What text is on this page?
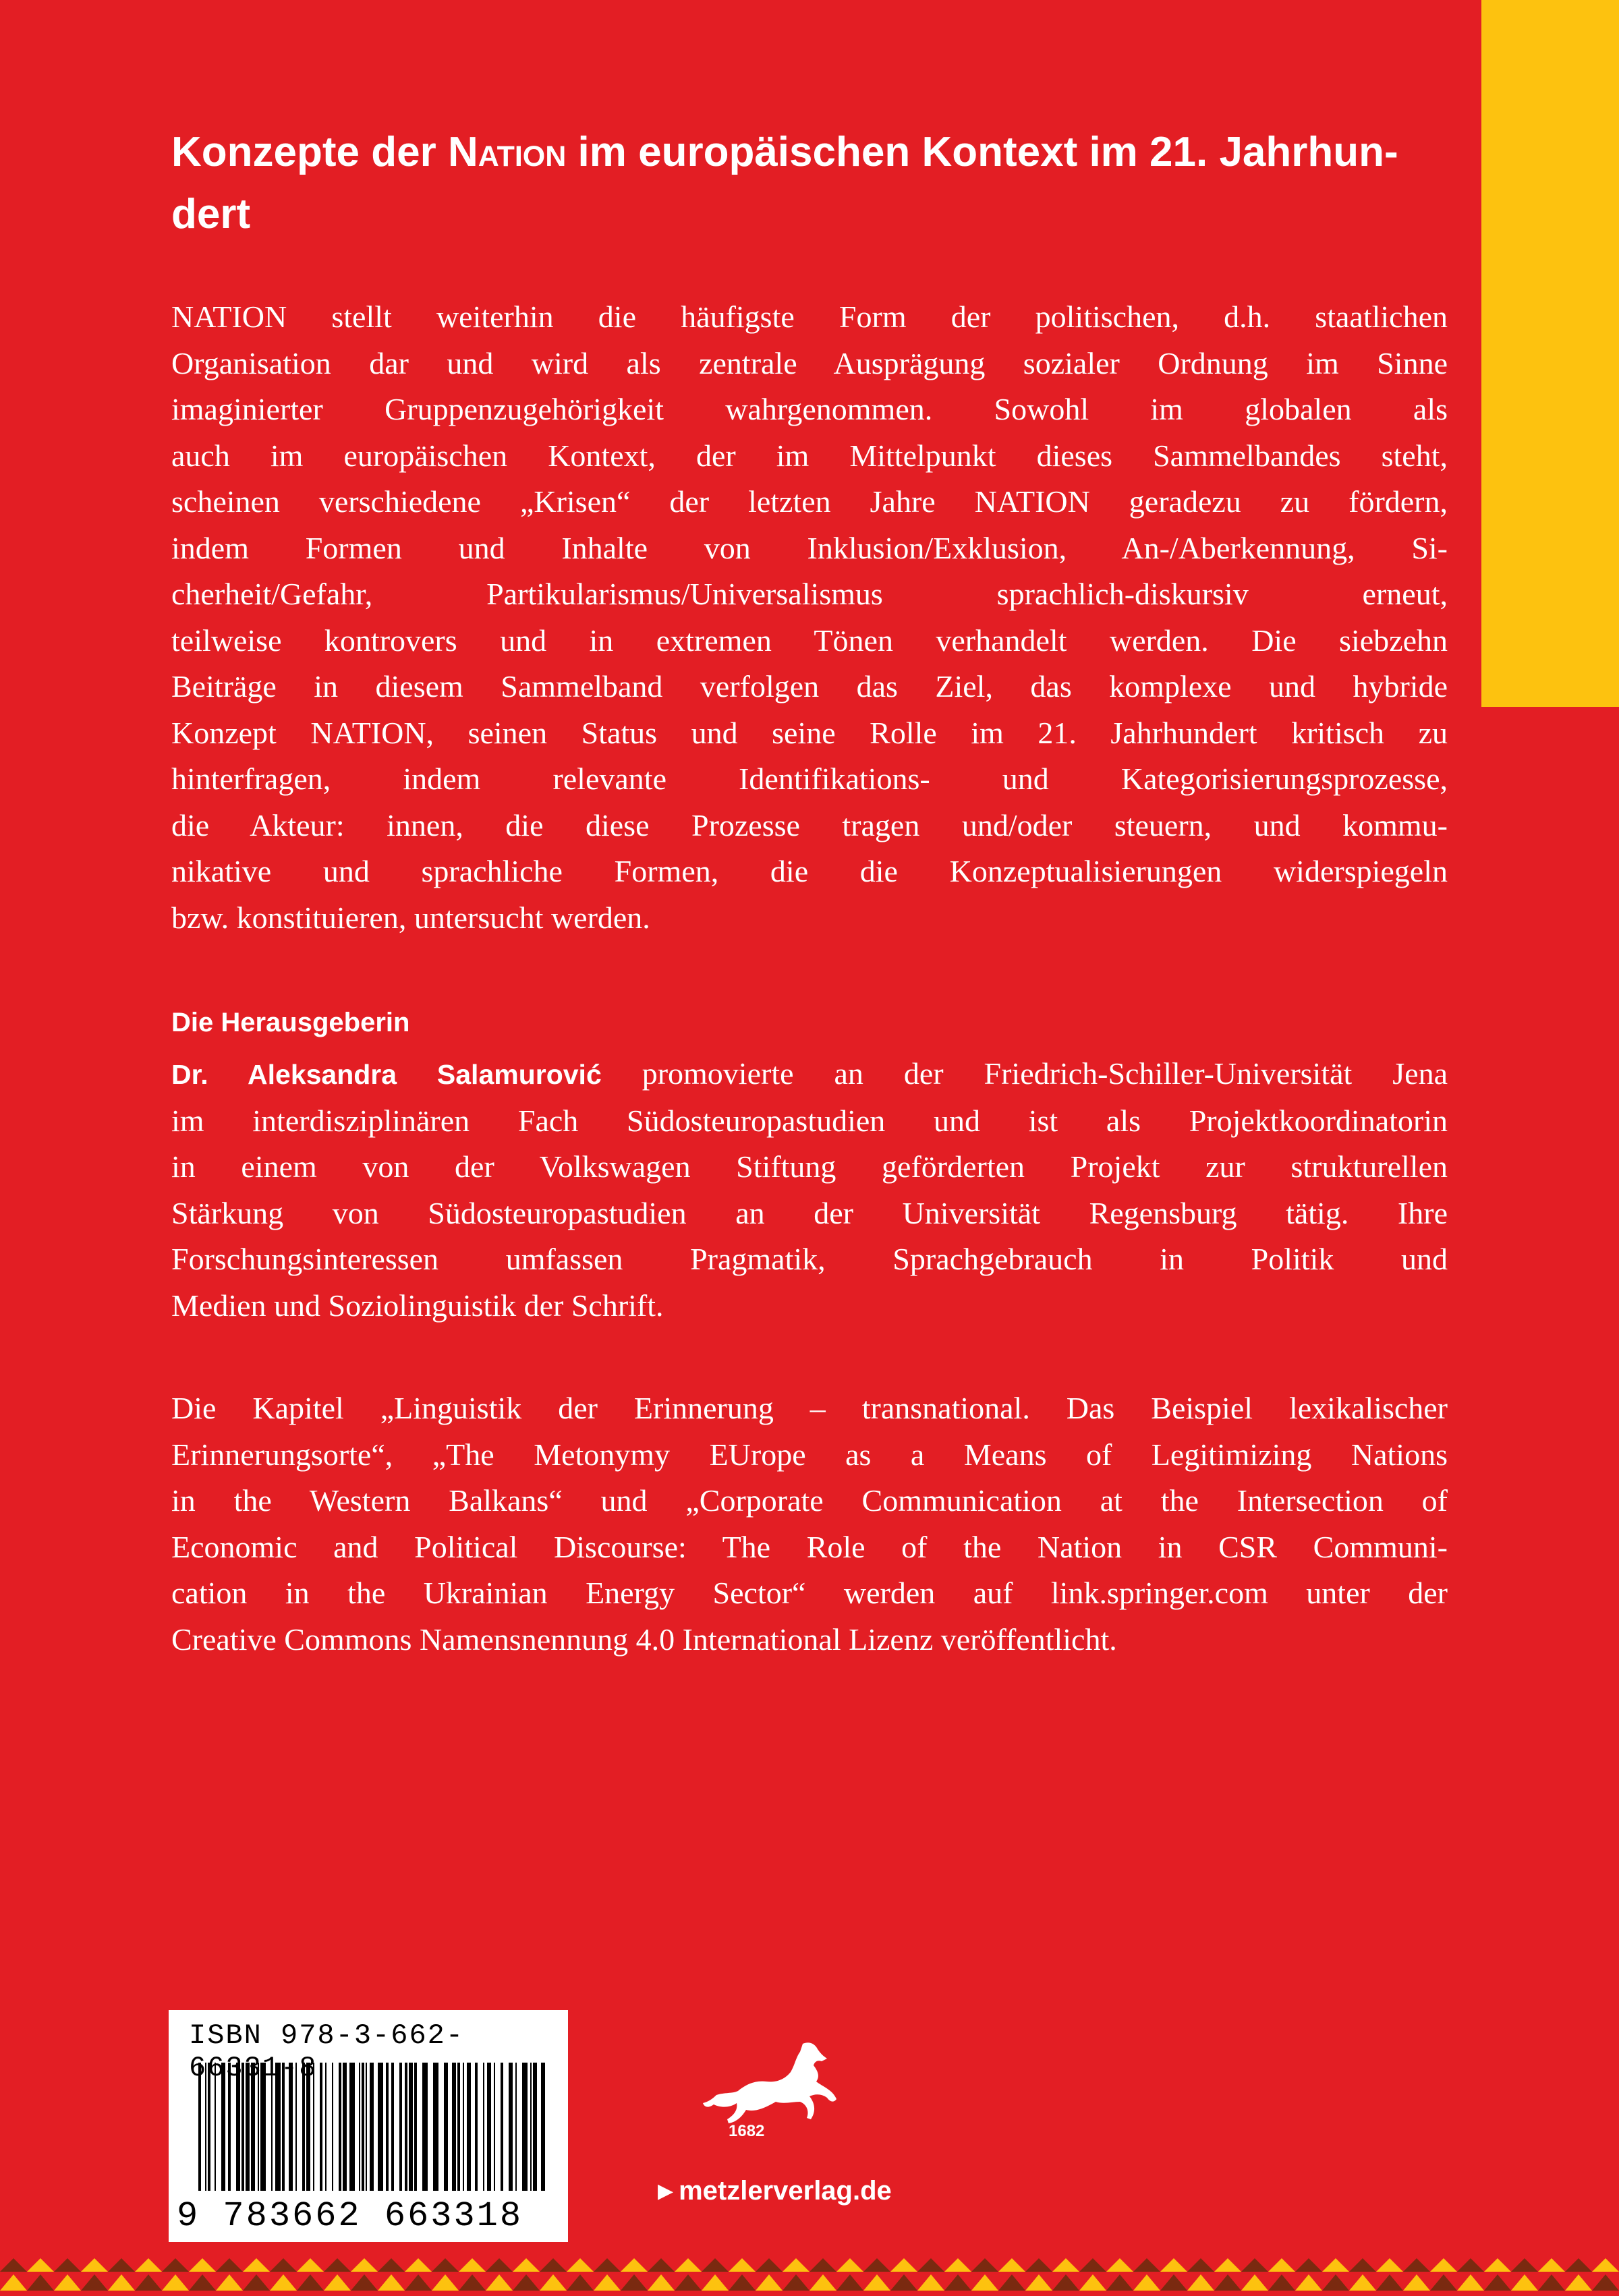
Konzepte der Nation im europäischen Kontext im 21. Jahrhun-
dert
NATION stellt weiterhin die häufigste Form der politischen, d.h. staatlichen
Organisation dar und wird als zentrale Ausprägung sozialer Ordnung im Sinne
imaginierter Gruppenzugehörigkeit wahrgenommen. Sowohl im globalen als
auch im europäischen Kontext, der im Mittelpunkt dieses Sammelbandes steht,
scheinen verschiedene „Krisen“ der letzten Jahre NATION geradezu zu fördern,
indem Formen und Inhalte von Inklusion/Exklusion, An-/Aberkennung, Si-
cherheit/Gefahr, Partikularismus/Universalismus sprachlich-diskursiv erneut,
teilweise kontrovers und in extremen Tönen verhandelt werden. Die siebzehn
Beiträge in diesem Sammelband verfolgen das Ziel, das komplexe und hybride
Konzept NATION, seinen Status und seine Rolle im 21. Jahrhundert kritisch zu
hinterfragen, indem relevante Identifikations- und Kategorisierungsprozesse,
die Akteur: innen, die diese Prozesse tragen und/oder steuern, und kommu-
nikative und sprachliche Formen, die die Konzeptualisierungen widerspiegeln
bzw. konstituieren, untersucht werden.
Die Herausgeberin
Dr. Aleksandra Salamurović promovierte an der Friedrich-Schiller-Universität Jena
im interdisziplinären Fach Südosteuropastudien und ist als Projektkoordinatorin
in einem von der Volkswagen Stiftung geförderten Projekt zur strukturellen
Stärkung von Südosteuropastudien an der Universität Regensburg tätig. Ihre
Forschungsinteressen umfassen Pragmatik, Sprachgebrauch in Politik und
Medien und Soziolinguistik der Schrift.
Die Kapitel „Linguistik der Erinnerung – transnational. Das Beispiel lexikalischer
Erinnerungsorte“, „The Metonymy EUrope as a Means of Legitimizing Nations
in the Western Balkans“ und „Corporate Communication at the Intersection of
Economic and Political Discourse: The Role of the Nation in CSR Communi-
cation in the Ukrainian Energy Sector“ werden auf link.springer.com unter der
Creative Commons Namensnennung 4.0 International Lizenz veröffentlicht.
ISBN 978-3-662-66331-8
9 783662 663318
1682
▶ metzlerverlag.de
